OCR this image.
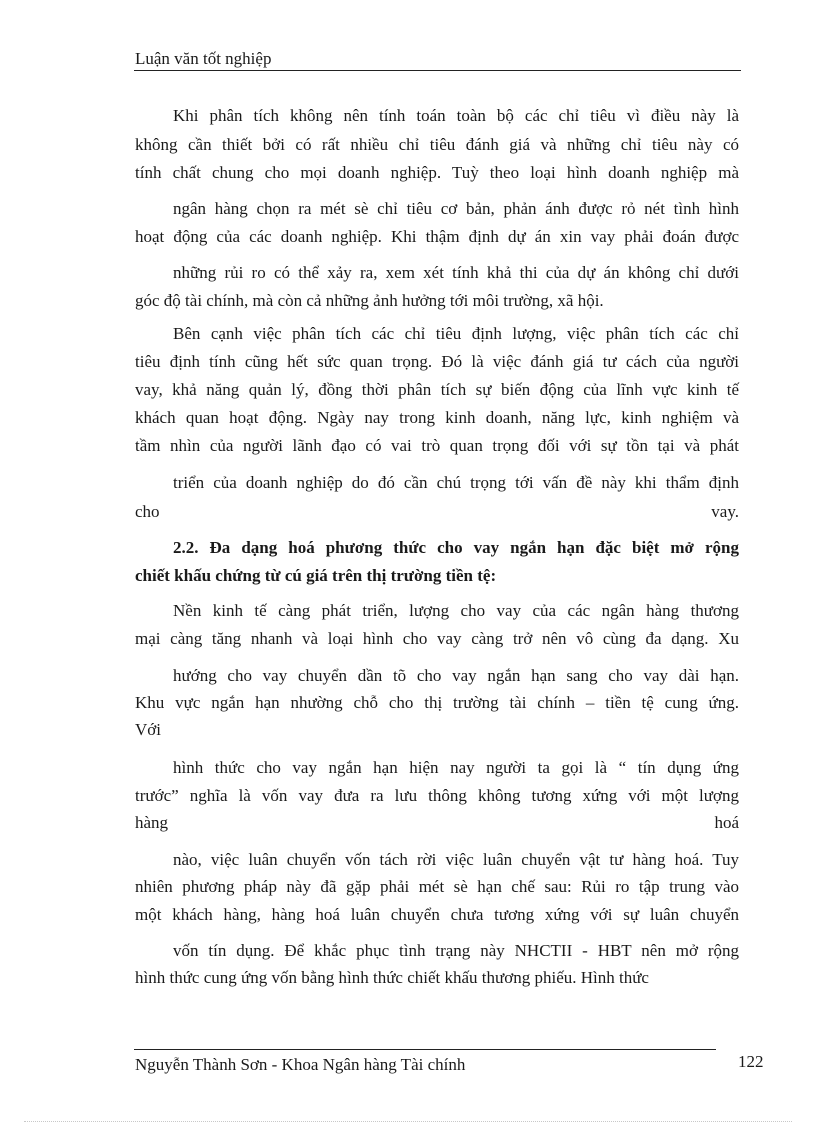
Luận văn tốt nghiệp
Khi phân tích không nên tính toán toàn bộ các chỉ tiêu vì điều này là
không cần thiết bởi có rất nhiều chỉ tiêu đánh giá và những chỉ tiêu này có
tính chất chung cho mọi doanh nghiệp. Tuỳ theo loại hình doanh nghiệp mà
ngân hàng chọn ra mét sè chỉ tiêu cơ bản, phản ánh được rỏ nét tình hình
hoạt động của các doanh nghiệp. Khi thậm định dự án xin vay phải đoán được
những rủi ro có thể xảy ra, xem xét tính khả thi của dự án không chỉ dưới
góc độ tài chính, mà còn cả những ảnh hưởng tới môi trường, xã hội.
Bên cạnh việc phân tích các chỉ tiêu định lượng, việc phân tích các chỉ
tiêu định tính cũng hết sức quan trọng. Đó là việc đánh giá tư cách của người
vay, khả năng quản lý, đồng thời phân tích sự biến động của lĩnh vực kinh tế
khách quan hoạt động. Ngày nay trong kinh doanh, năng lực, kinh nghiệm và
tầm nhìn của người lãnh đạo có vai trò quan trọng đối với sự tồn tại và phát
triển của doanh nghiệp do đó cần chú trọng tới vấn đề này khi thẩm định
cho	vay.
2.2. Đa dạng hoá phương thức cho vay ngắn hạn đặc biệt mở rộng
chiết khấu chứng từ cú giá trên thị trường tiền tệ:
Nền kinh tế càng phát triển, lượng cho vay của các ngân hàng thương
mại càng tăng nhanh và loại hình cho vay càng trở nên vô cùng đa dạng. Xu
hướng cho vay chuyển dần tõ cho vay ngắn hạn sang cho vay dài hạn.
Khu vực ngắn hạn nhường chỗ cho thị trường tài chính – tiền tệ cung ứng.
Với
hình thức cho vay ngắn hạn hiện nay người ta gọi là “ tín dụng ứng
trước” nghĩa là vốn vay đưa ra lưu thông không tương xứng với một lượng
hàng	hoá
nào, việc luân chuyển vốn tách rời việc luân chuyển vật tư hàng hoá. Tuy
nhiên phương pháp này đã gặp phải mét sè hạn chế sau: Rủi ro tập trung vào
một khách hàng, hàng hoá luân chuyển chưa tương xứng với sự luân chuyển
vốn tín dụng. Để khắc phục tình trạng này NHCTII - HBT nên mở rộng
hình thức cung ứng vốn bằng hình thức chiết khấu thương phiếu. Hình thức
Nguyễn Thành Sơn - Khoa Ngân hàng Tài chính	122
